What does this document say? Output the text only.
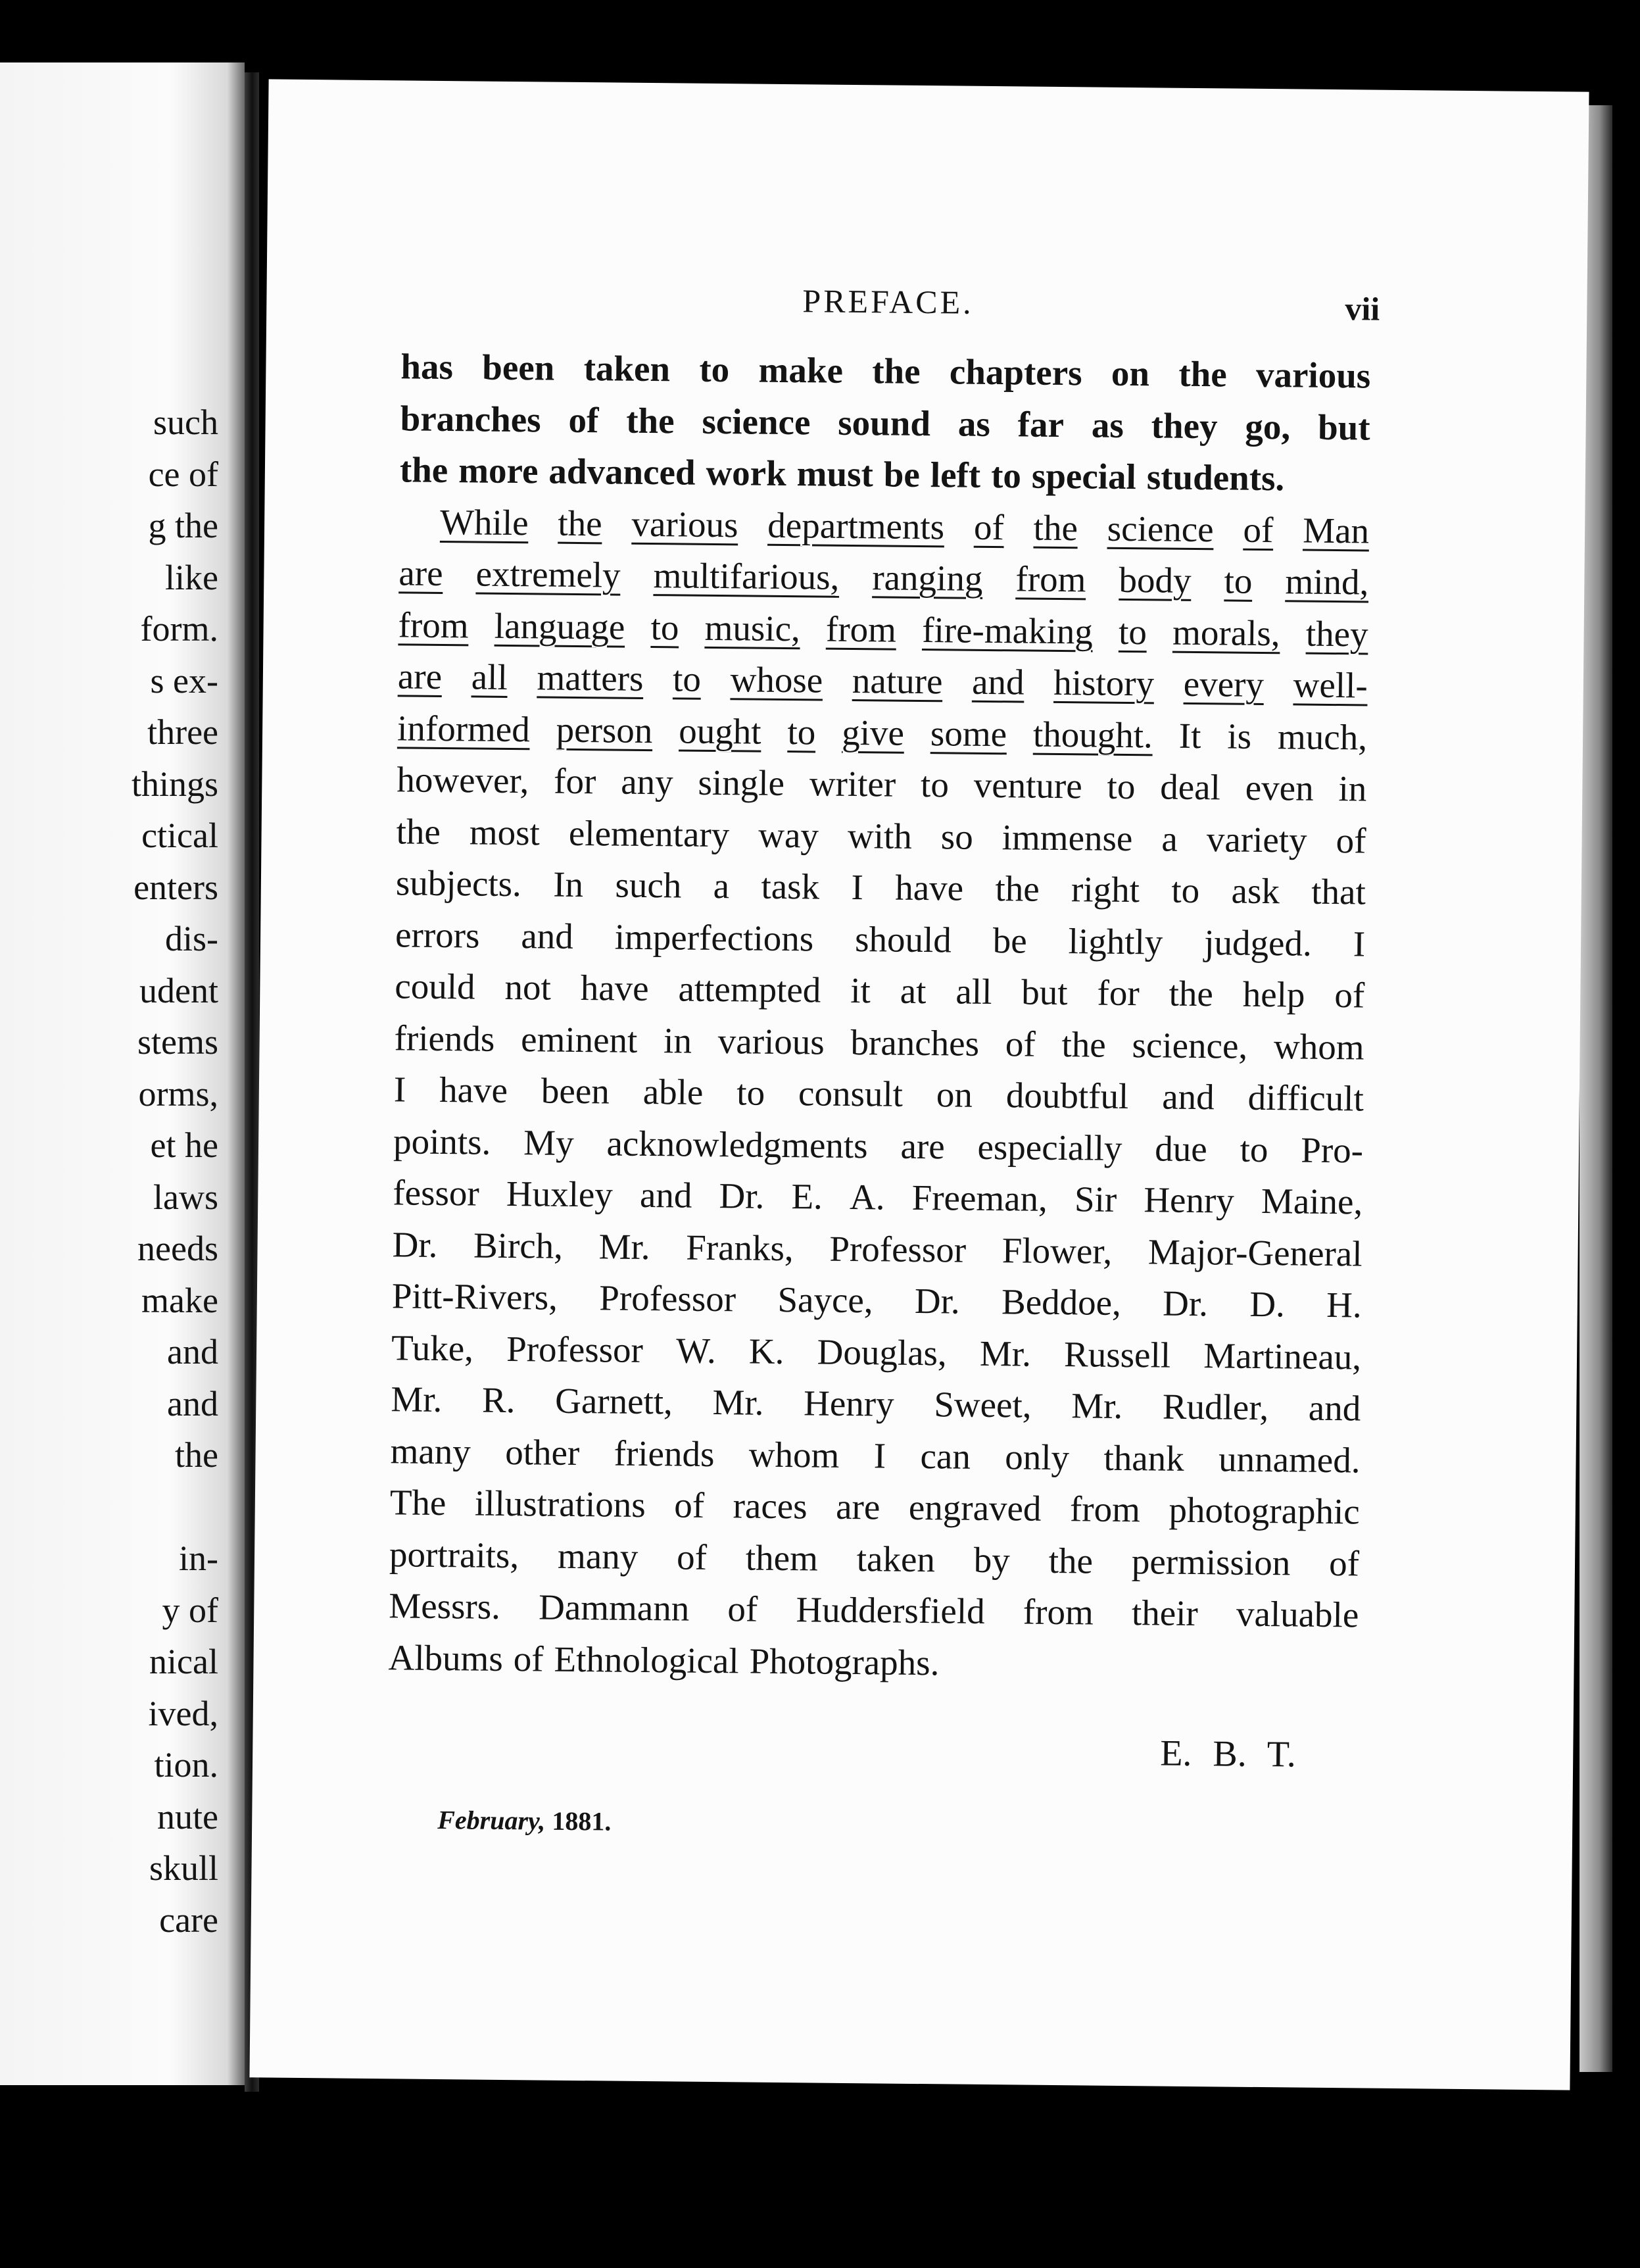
such
ce of
g the
like
form.
s ex-
three
things
ctical
enters
dis-
udent
stems
orms,
et he
laws
needs
make
and
and
the
in-
y of
nical
ived,
tion.
nute
skull
care
PREFACE.	vii
has been taken to make the chapters on the various
branches of the science sound as far as they go, but
the more advanced work must be left to special students.
While the various departments of the science of Man
are extremely multifarious, ranging from body to mind,
from language to music, from fire-making to morals, they
are all matters to whose nature and history every well-
informed person ought to give some thought. It is much,
however, for any single writer to venture to deal even in
the most elementary way with so immense a variety of
subjects. In such a task I have the right to ask that
errors and imperfections should be lightly judged. I
could not have attempted it at all but for the help of
friends eminent in various branches of the science, whom
I have been able to consult on doubtful and difficult
points. My acknowledgments are especially due to Pro-
fessor Huxley and Dr. E. A. Freeman, Sir Henry Maine,
Dr. Birch, Mr. Franks, Professor Flower, Major-General
Pitt-Rivers, Professor Sayce, Dr. Beddoe, Dr. D. H.
Tuke, Professor W. K. Douglas, Mr. Russell Martineau,
Mr. R. Garnett, Mr. Henry Sweet, Mr. Rudler, and
many other friends whom I can only thank unnamed.
The illustrations of races are engraved from photographic
portraits, many of them taken by the permission of
Messrs. Dammann of Huddersfield from their valuable
Albums of Ethnological Photographs.
E. B. T.
February, 1881.
